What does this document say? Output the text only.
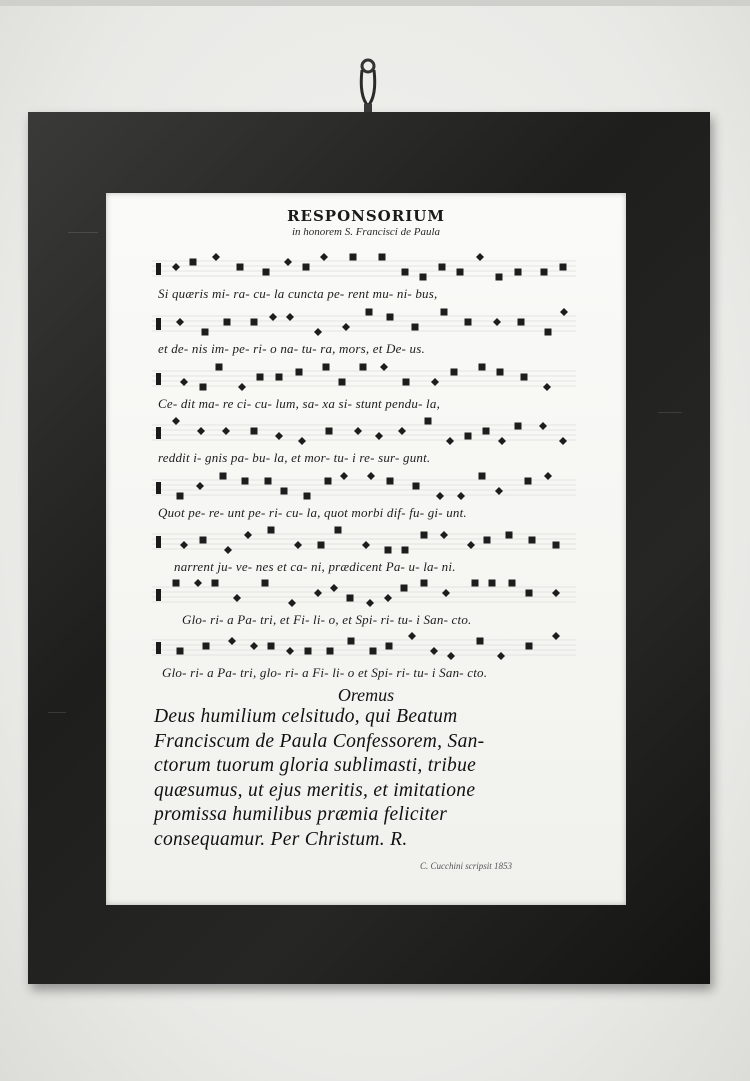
RESPONSORIUM
in honorem S. Francisci de Paula
Si quæris mi- ra- cu- la cuncta pe- rent mu- ni- bus,
et de- nis im- pe- ri- o na- tu- ra, mors, et De- us.
Ce- dit ma- re ci- cu- lum, sa- xa si- stunt pendu- la,
reddit i- gnis pa- bu- la, et mor- tu- i re- sur- gunt.
Quot pe- re- unt pe- ri- cu- la, quot morbi dif- fu- gi- unt.
narrent ju- ve- nes et ca- ni, prædicent Pa- u- la- ni.
Glo- ri- a Pa- tri, et Fi- li- o, et Spi- ri- tu- i San- cto.
Glo- ri- a Pa- tri, glo- ri- a Fi- li- o et Spi- ri- tu- i San- cto.
Oremus
Deus humilium celsitudo, qui Beatum
Franciscum de Paula Confessorem, San-
ctorum tuorum gloria sublimasti, tribue
quæsumus, ut ejus meritis, et imitatione
promissa humilibus præmia feliciter
consequamur. Per Christum. R.
C. Cucchini scripsit 1853
